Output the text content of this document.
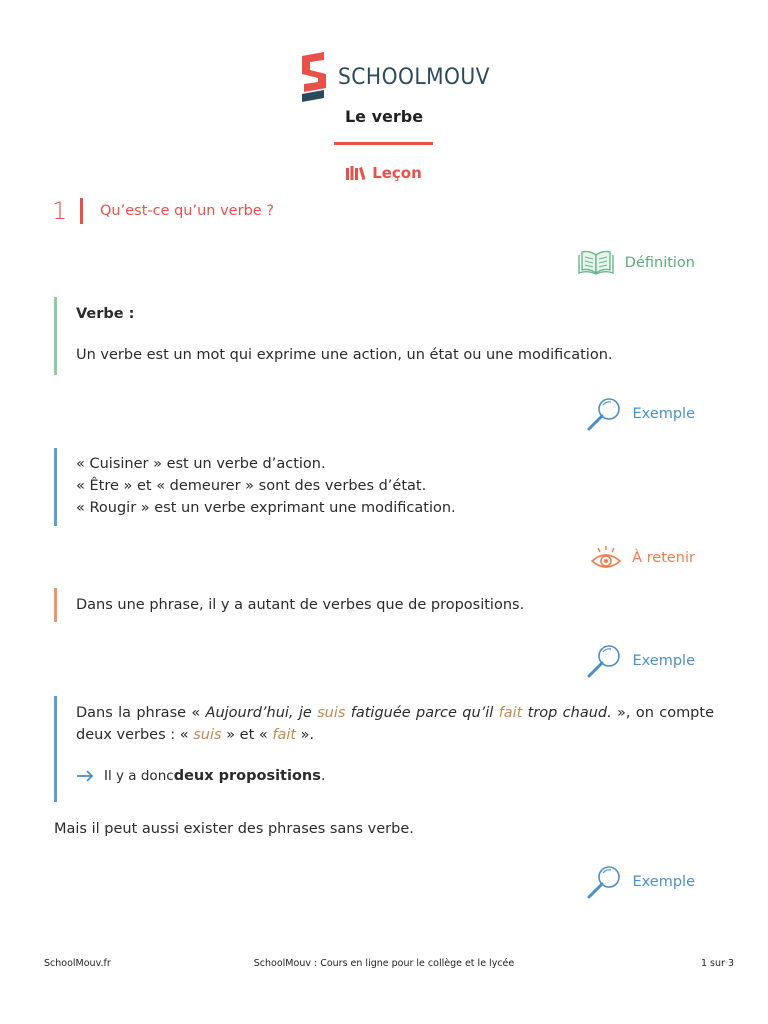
SCHOOLMOUV
Le verbe
Leçon
1	Qu’est-ce qu’un verbe ?
Définition
Verbe :
Un verbe est un mot qui exprime une action, un état ou une modification.
Exemple
« Cuisiner » est un verbe d’action.
« Être » et « demeurer » sont des verbes d’état.
« Rougir » est un verbe exprimant une modification.
À retenir
Dans une phrase, il y a autant de verbes que de propositions.
Exemple
Dans la phrase « Aujourd’hui, je suis fatiguée parce qu’il fait trop chaud. », on compte deux verbes : « suis » et « fait ».
Il y a donc deux propositions .
Mais il peut aussi exister des phrases sans verbe.
Exemple
SchoolMouv.fr	SchoolMouv : Cours en ligne pour le collège et le lycée	1 sur 3
